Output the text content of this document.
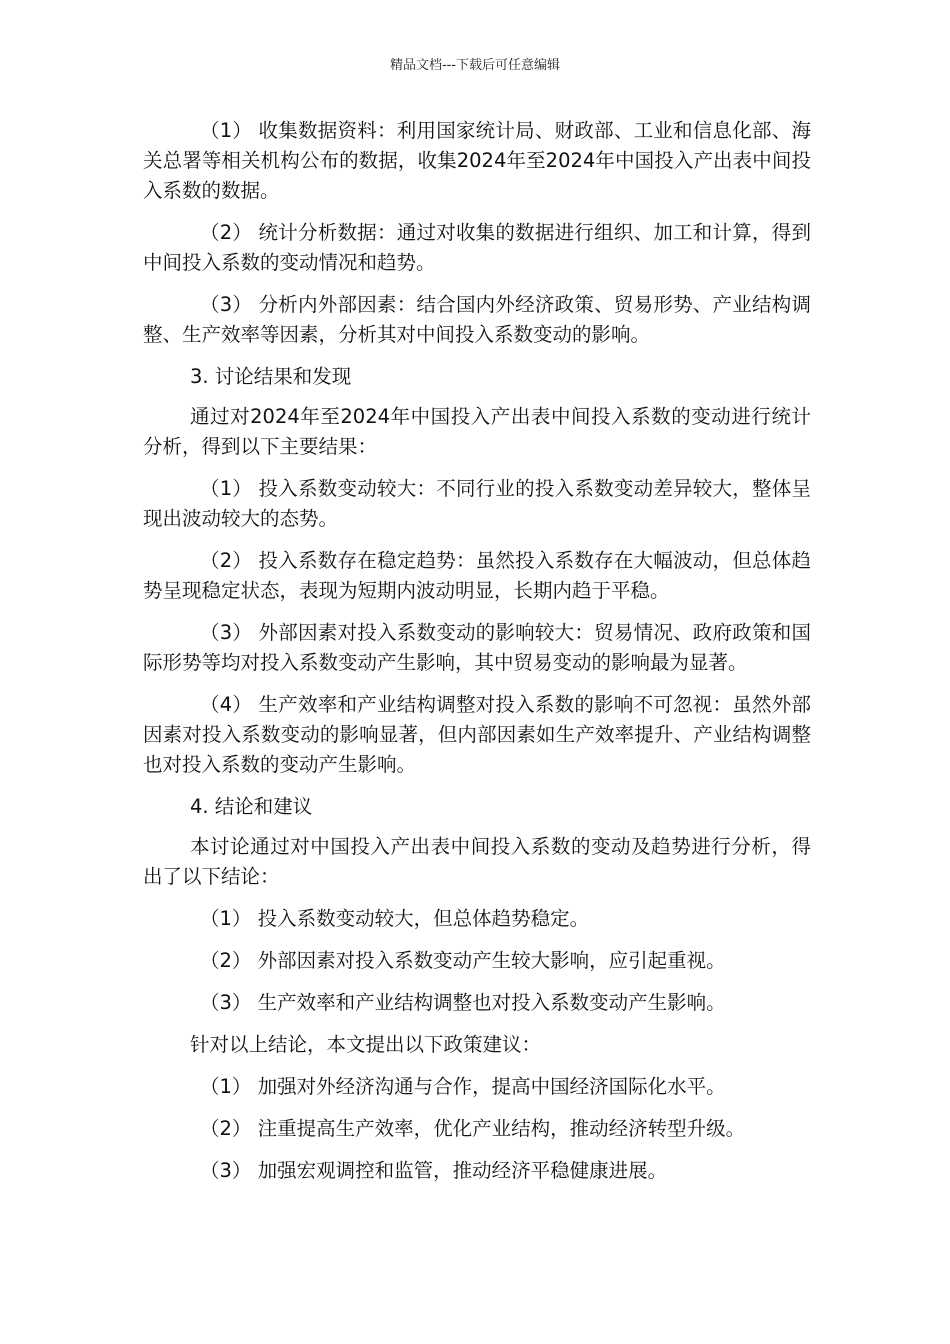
精品文档---下载后可任意编辑

（1） 收集数据资料：利用国家统计局、财政部、工业和信息化部、海关总署等相关机构公布的数据，收集2024年至2024年中国投入产出表中间投入系数的数据。

（2） 统计分析数据：通过对收集的数据进行组织、加工和计算，得到中间投入系数的变动情况和趋势。

（3） 分析内外部因素：结合国内外经济政策、贸易形势、产业结构调整、生产效率等因素，分析其对中间投入系数变动的影响。

3. 讨论结果和发现

通过对2024年至2024年中国投入产出表中间投入系数的变动进行统计分析，得到以下主要结果：

（1） 投入系数变动较大：不同行业的投入系数变动差异较大，整体呈现出波动较大的态势。

（2） 投入系数存在稳定趋势：虽然投入系数存在大幅波动，但总体趋势呈现稳定状态，表现为短期内波动明显，长期内趋于平稳。

（3） 外部因素对投入系数变动的影响较大：贸易情况、政府政策和国际形势等均对投入系数变动产生影响，其中贸易变动的影响最为显著。

（4） 生产效率和产业结构调整对投入系数的影响不可忽视：虽然外部因素对投入系数变动的影响显著，但内部因素如生产效率提升、产业结构调整也对投入系数的变动产生影响。

4. 结论和建议

本讨论通过对中国投入产出表中间投入系数的变动及趋势进行分析，得出了以下结论：

（1） 投入系数变动较大，但总体趋势稳定。

（2） 外部因素对投入系数变动产生较大影响，应引起重视。

（3） 生产效率和产业结构调整也对投入系数变动产生影响。

针对以上结论，本文提出以下政策建议：

（1） 加强对外经济沟通与合作，提高中国经济国际化水平。

（2） 注重提高生产效率，优化产业结构，推动经济转型升级。

（3） 加强宏观调控和监管，推动经济平稳健康进展。
